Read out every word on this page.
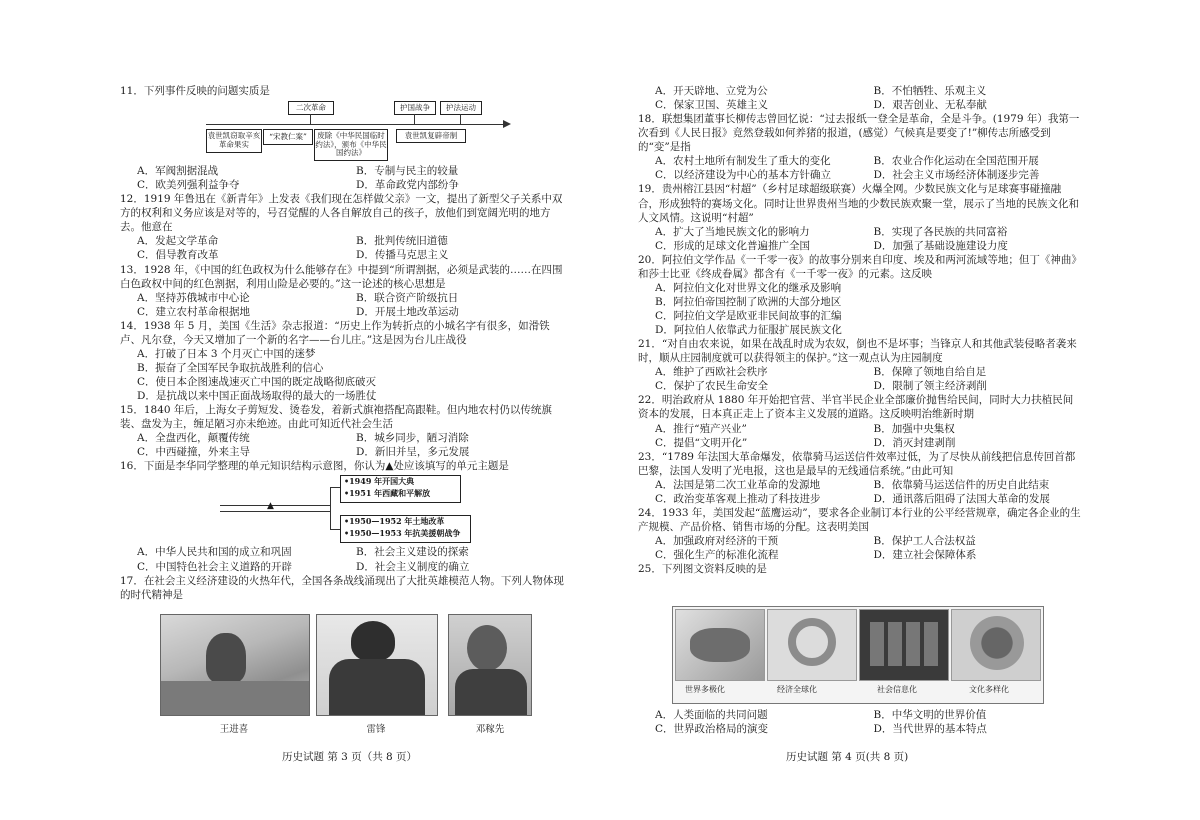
11．下列事件反映的问题实质是

二次革命	护国战争	护法运动
袁世凯窃取辛亥革命果实
“宋教仁案”	废除《中华民国临时约法》，颁布《中华民国约法》
袁世凯复辟帝制
A．军阀割据混战	B．专制与民主的较量
C．欧美列强利益争夺	D．革命政党内部纷争

12．1919 年鲁迅在《新青年》上发表《我们现在怎样做父亲》一文，提出了新型父子关系中双方的权利和义务应该是对等的，号召觉醒的人各自解放自己的孩子，放他们到宽阔光明的地方去。他意在

A．发起文学革命	B．批判传统旧道德
C．倡导教育改革	D．传播马克思主义

13．1928 年，《中国的红色政权为什么能够存在》中提到“所谓割据，必须是武装的……在四围白色政权中间的红色割据，利用山险是必要的。”这一论述的核心思想是

A．坚持苏俄城市中心论	B．联合资产阶级抗日
C．建立农村革命根据地	D．开展土地改革运动

14．1938 年 5 月，美国《生活》杂志报道：“历史上作为转折点的小城名字有很多，如滑铁卢、凡尔登，今天又增加了一个新的名字——台儿庄。”这是因为台儿庄战役

A．打破了日本 3 个月灭亡中国的迷梦
B．振奋了全国军民争取抗战胜利的信心
C．使日本企图速战速灭亡中国的既定战略彻底破灭
D．是抗战以来中国正面战场取得的最大的一场胜仗

15．1840 年后，上海女子剪短发、烫卷发，着新式旗袍搭配高跟鞋。但内地农村仍以传统旗装、盘发为主，缠足陋习亦未绝迹。由此可知近代社会生活

A．全盘西化，颠覆传统	B．城乡同步，陋习消除
C．中西碰撞，外来主导	D．新旧并呈，多元发展

16．下面是李华同学整理的单元知识结构示意图，你认为▲处应该填写的单元主题是

▲
•1949 年开国大典
•1951 年西藏和平解放
•1950—1952 年土地改革
•1950—1953 年抗美援朝战争
A．中华人民共和国的成立和巩固	B．社会主义建设的探索
C．中国特色社会主义道路的开辟	D．社会主义制度的确立

17．在社会主义经济建设的火热年代，全国各条战线涌现出了大批英雄模范人物。下列人物体现的时代精神是

王进喜	雷锋	邓稼先
历史试题 第 3 页（共 8 页）
A．开天辟地、立党为公	B．不怕牺牲、乐观主义
C．保家卫国、英雄主义	D．艰苦创业、无私奉献

18．联想集团董事长柳传志曾回忆说：“过去报纸一登全是革命，全是斗争。(1979 年）我第一次看到《人民日报》竟然登载如何养猪的报道，(感觉）气候真是要变了!”柳传志所感受到的“变”是指

A．农村土地所有制发生了重大的变化	B．农业合作化运动在全国范围开展
C．以经济建设为中心的基本方针确立	D．社会主义市场经济体制逐步完善

19．贵州榕江县因“村超”（乡村足球超级联赛）火爆全网。少数民族文化与足球赛事碰撞融合，形成独特的赛场文化。同时让世界贵州当地的少数民族欢聚一堂，展示了当地的民族文化和人文风情。这说明“村超”

A．扩大了当地民族文化的影响力	B．实现了各民族的共同富裕
C．形成的足球文化普遍推广全国	D．加强了基础设施建设力度

20．阿拉伯文学作品《一千零一夜》的故事分别来自印度、埃及和两河流域等地；但丁《神曲》和莎士比亚《终成眷属》都含有《一千零一夜》的元素。这反映

A．阿拉伯文化对世界文化的继承及影响
B．阿拉伯帝国控制了欧洲的大部分地区
C．阿拉伯文学是欧亚非民间故事的汇编
D．阿拉伯人依靠武力征服扩展民族文化

21．“对自由农来说，如果在战乱时成为农奴，倒也不是坏事；当锋京人和其他武装侵略者袭来时，顺从庄园制度就可以获得领主的保护。”这一观点认为庄园制度

A．维护了西欧社会秩序	B．保障了领地自给自足
C．保护了农民生命安全	D．限制了领主经济剥削

22．明治政府从 1880 年开始把官营、半官半民企业全部廉价抛售给民间，同时大力扶植民间资本的发展，日本真正走上了资本主义发展的道路。这反映明治维新时期

A．推行“殖产兴业”	B．加强中央集权
C．提倡“文明开化”	D．消灭封建剥削

23．“1789 年法国大革命爆发，依靠骑马运送信件效率过低，为了尽快从前线把信息传回首都巴黎，法国人发明了光电报，这也是最早的无线通信系统。”由此可知

A．法国是第二次工业革命的发源地	B．依靠骑马运送信件的历史自此结束
C．政治变革客观上推动了科技进步	D．通讯落后阻碍了法国大革命的发展

24．1933 年，美国发起“蓝鹰运动”，要求各企业制订本行业的公平经营规章，确定各企业的生产规模、产品价格、销售市场的分配。这表明美国

A．加强政府对经济的干预	B．保护工人合法权益
C．强化生产的标准化流程	D．建立社会保障体系

25．下列图文资料反映的是

世界多极化	经济全球化	社会信息化	文化多样化
A．人类面临的共同问题	B．中华文明的世界价值
C．世界政治格局的演变	D．当代世界的基本特点
历史试题 第 4 页(共 8 页)
